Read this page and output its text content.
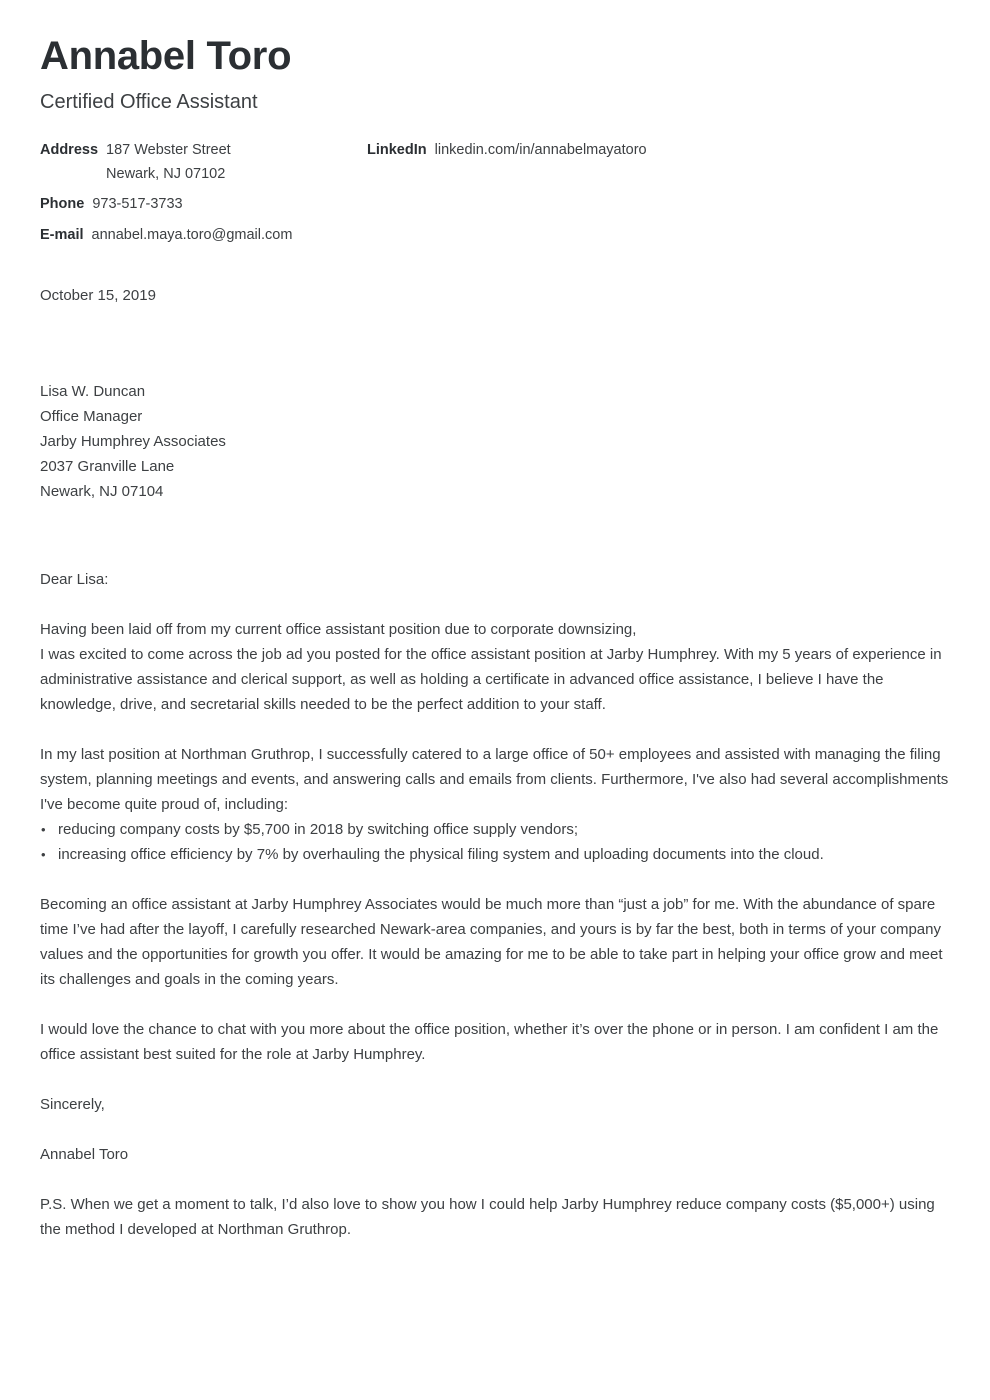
Annabel Toro
Certified Office Assistant
Address 187 Webster Street
Newark, NJ 07102
Phone 973-517-3733
E-mail annabel.maya.toro@gmail.com
LinkedIn linkedin.com/in/annabelmayatoro
October 15, 2019
Lisa W. Duncan
Office Manager
Jarby Humphrey Associates
2037 Granville Lane
Newark, NJ 07104

Dear Lisa:

Having been laid off from my current office assistant position due to corporate downsizing,
I was excited to come across the job ad you posted for the office assistant position at Jarby Humphrey. With my 5 years of experience in administrative assistance and clerical support, as well as holding a certificate in advanced office assistance, I believe I have the knowledge, drive, and secretarial skills needed to be the perfect addition to your staff.

In my last position at Northman Gruthrop, I successfully catered to a large office of 50+ employees and assisted with managing the filing system, planning meetings and events, and answering calls and emails from clients. Furthermore, I've also had several accomplishments I've become quite proud of, including:

• reducing company costs by $5,700 in 2018 by switching office supply vendors;
• increasing office efficiency by 7% by overhauling the physical filing system and uploading documents into the cloud.

Becoming an office assistant at Jarby Humphrey Associates would be much more than “just a job” for me. With the abundance of spare time I’ve had after the layoff, I carefully researched Newark-area companies, and yours is by far the best, both in terms of your company values and the opportunities for growth you offer. It would be amazing for me to be able to take part in helping your office grow and meet its challenges and goals in the coming years.

I would love the chance to chat with you more about the office position, whether it’s over the phone or in person. I am confident I am the office assistant best suited for the role at Jarby Humphrey.

Sincerely,

Annabel Toro

P.S. When we get a moment to talk, I’d also love to show you how I could help Jarby Humphrey reduce company costs ($5,000+) using the method I developed at Northman Gruthrop.
